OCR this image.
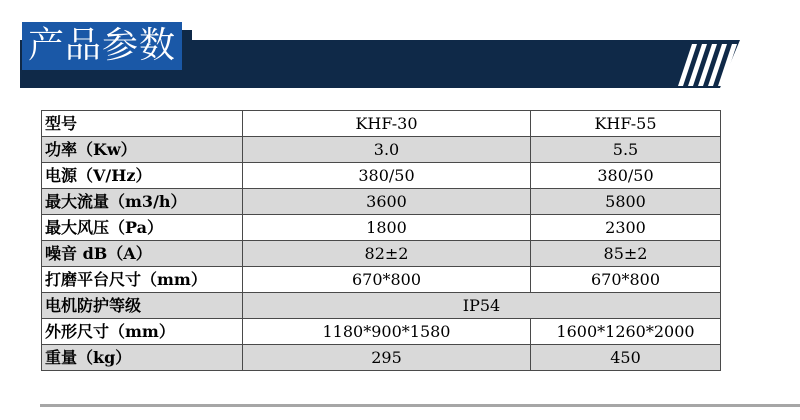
产品参数
型号	KHF-30	KHF-55
功率（Kw）	3.0	5.5
电源（V/Hz）	380/50	380/50
最大流量（m3/h）	3600	5800
最大风压（Pa）	1800	2300
噪音 dB（A）	82±2	85±2
打磨平台尺寸（mm）	670*800	670*800
电机防护等级	IP54	
外形尺寸（mm）	1180*900*1580	1600*1260*2000
重量（kg）	295	450
